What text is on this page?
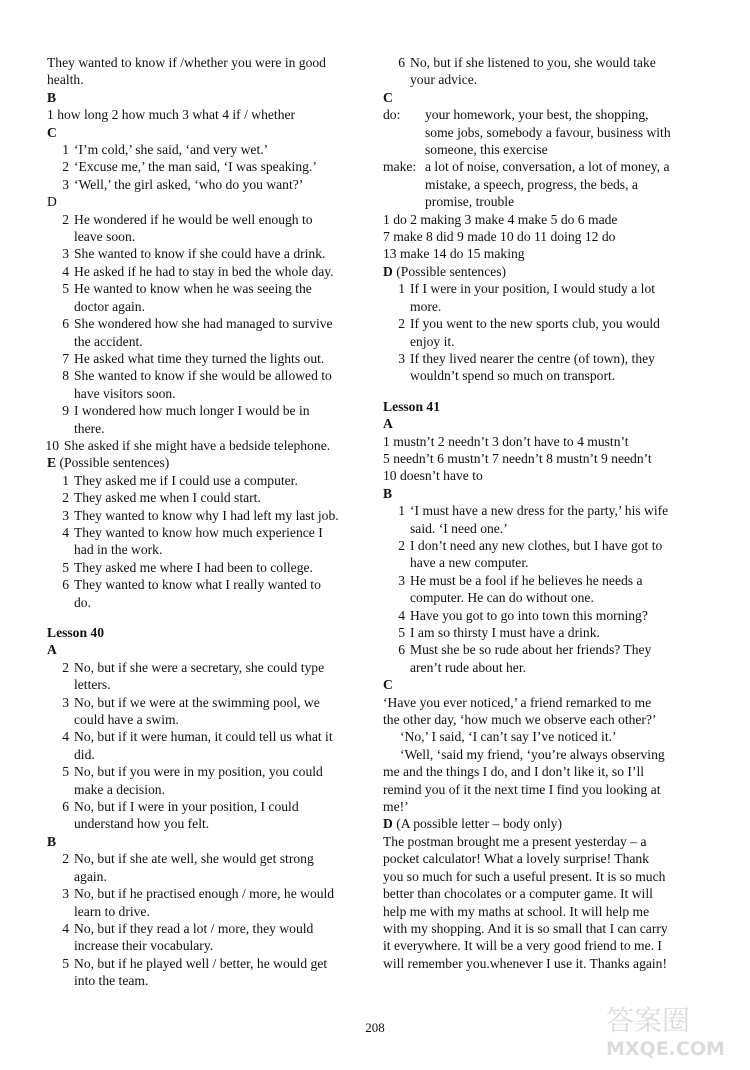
They wanted to know if /whether you were in good
health.
B
1 how long 2 how much 3 what 4 if / whether
C
1 ‘I’m cold,’ she said, ‘and very wet.’
2 ‘Excuse me,’ the man said, ‘I was speaking.’
3 ‘Well,’ the girl asked, ‘who do you want?’
D
2 He wondered if he would be well enough to
leave soon.
3 She wanted to know if she could have a drink.
4 He asked if he had to stay in bed the whole day.
5 He wanted to know when he was seeing the
doctor again.
6 She wondered how she had managed to survive
the accident.
7 He asked what time they turned the lights out.
8 She wanted to know if she would be allowed to
have visitors soon.
9 I wondered how much longer I would be in
there.
10 She asked if she might have a bedside telephone.
E (Possible sentences)
1 They asked me if I could use a computer.
2 They asked me when I could start.
3 They wanted to know why I had left my last job.
4 They wanted to know how much experience I
had in the work.
5 They asked me where I had been to college.
6 They wanted to know what I really wanted to
do.
Lesson 40
A
2 No, but if she were a secretary, she could type
letters.
3 No, but if we were at the swimming pool, we
could have a swim.
4 No, but if it were human, it could tell us what it
did.
5 No, but if you were in my position, you could
make a decision.
6 No, but if I were in your position, I could
understand how you felt.
B
2 No, but if she ate well, she would get strong
again.
3 No, but if he practised enough / more, he would
learn to drive.
4 No, but if they read a lot / more, they would
increase their vocabulary.
5 No, but if he played well / better, he would get
into the team.
6 No, but if she listened to you, she would take
your advice.
C
do: your homework, your best, the shopping,
some jobs, somebody a favour, business with
someone, this exercise
make: a lot of noise, conversation, a lot of money, a
mistake, a speech, progress, the beds, a
promise, trouble
1 do 2 making 3 make 4 make 5 do 6 made
7 make 8 did 9 made 10 do 11 doing 12 do
13 make 14 do 15 making
D (Possible sentences)
1 If I were in your position, I would study a lot
more.
2 If you went to the new sports club, you would
enjoy it.
3 If they lived nearer the centre (of town), they
wouldn’t spend so much on transport.
Lesson 41
A
1 mustn’t 2 needn’t 3 don’t have to 4 mustn’t
5 needn’t 6 mustn’t 7 needn’t 8 mustn’t 9 needn’t
10 doesn’t have to
B
1 ‘I must have a new dress for the party,’ his wife
said. ‘I need one.’
2 I don’t need any new clothes, but I have got to
have a new computer.
3 He must be a fool if he believes he needs a
computer. He can do without one.
4 Have you got to go into town this morning?
5 I am so thirsty I must have a drink.
6 Must she be so rude about her friends? They
aren’t rude about her.
C
‘Have you ever noticed,’ a friend remarked to me
the other day, ‘how much we observe each other?’
‘No,’ I said, ‘I can’t say I’ve noticed it.’
‘Well, ‘said my friend, ‘you’re always observing
me and the things I do, and I don’t like it, so I’ll
remind you of it the next time I find you looking at
me!’
D (A possible letter – body only)
The postman brought me a present yesterday – a
pocket calculator! What a lovely surprise! Thank
you so much for such a useful present. It is so much
better than chocolates or a computer game. It will
help me with my maths at school. It will help me
with my shopping. And it is so small that I can carry
it everywhere. It will be a very good friend to me. I
will remember you.whenever I use it. Thanks again!
208	答案圈
MXQE.COM
